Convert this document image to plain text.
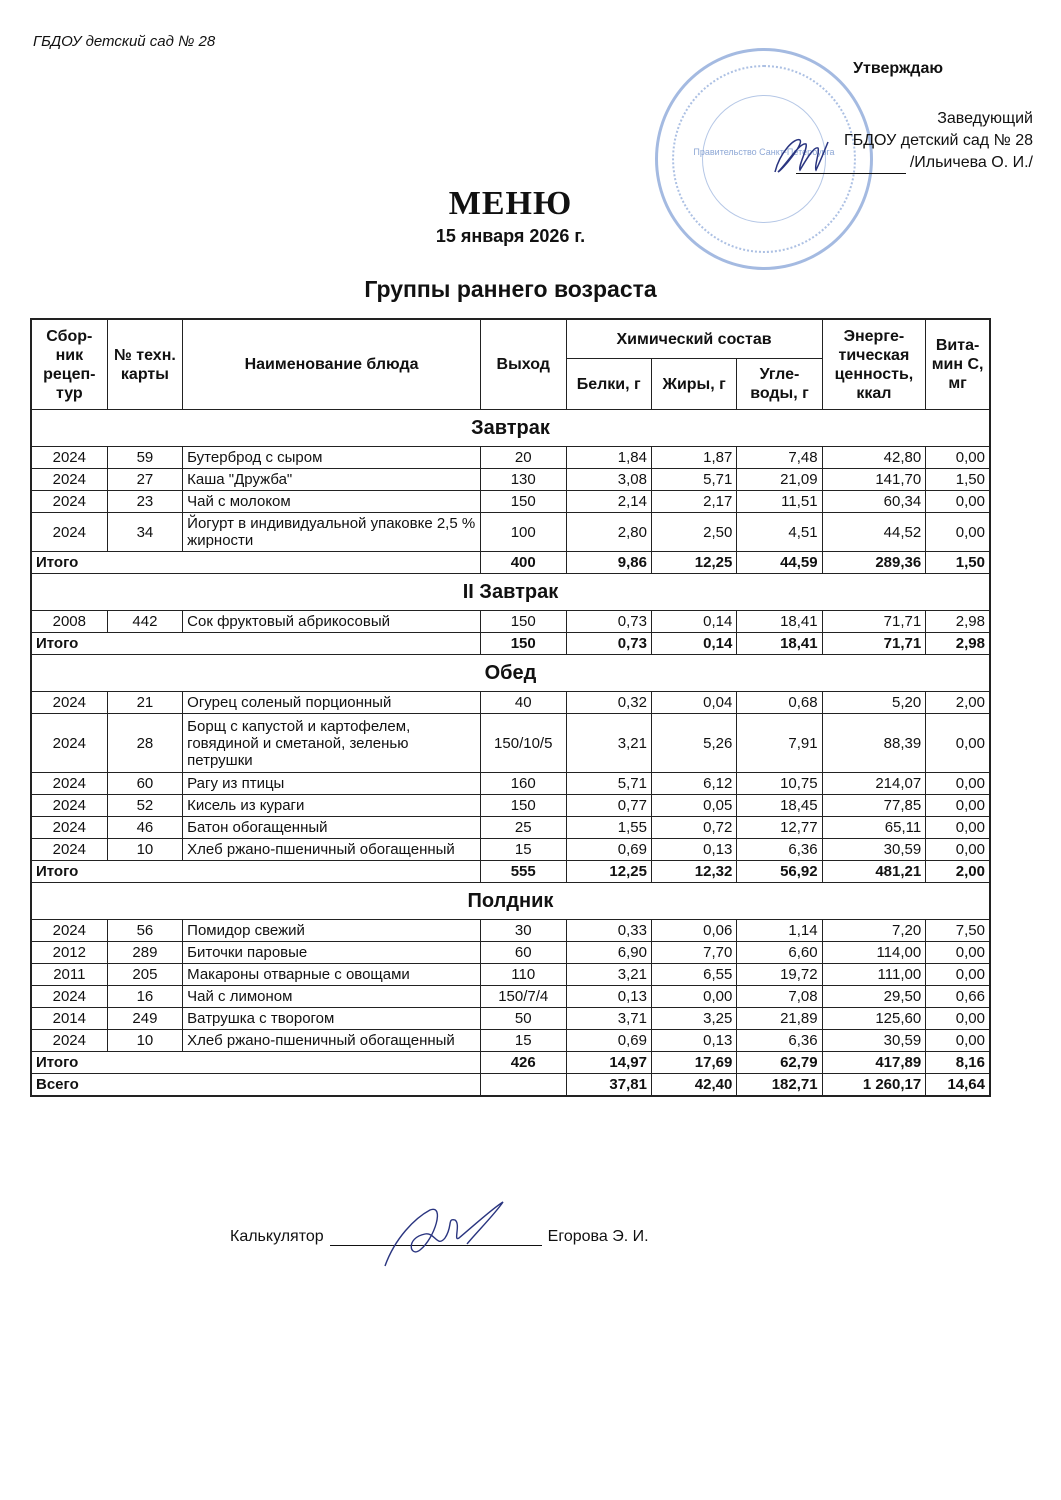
ГБДОУ детский сад № 28
Правительство Санкт-Петербурга
Утверждаю
Заведующий
ГБДОУ детский сад № 28
/Ильичева О. И./
МЕНЮ
15 января 2026 г.
Группы раннего возраста
Сбор-ник рецеп-тур	№ техн. карты	Наименование блюда	Выход	Химический состав			Энерге-тическая ценность, ккал	Вита-мин С, мг
				Белки, г	Жиры, г	Угле-воды, г		
Завтрак								
2024	59	Бутерброд с сыром	20	1,84	1,87	7,48	42,80	0,00
2024	27	Каша "Дружба"	130	3,08	5,71	21,09	141,70	1,50
2024	23	Чай с молоком	150	2,14	2,17	11,51	60,34	0,00
2024	34	Йогурт в индивидуальной упаковке 2,5 % жирности	100	2,80	2,50	4,51	44,52	0,00
Итого			400	9,86	12,25	44,59	289,36	1,50
II Завтрак								
2008	442	Сок фруктовый абрикосовый	150	0,73	0,14	18,41	71,71	2,98
Итого			150	0,73	0,14	18,41	71,71	2,98
Обед								
2024	21	Огурец соленый порционный	40	0,32	0,04	0,68	5,20	2,00
2024	28	Борщ с капустой и картофелем, говядиной и сметаной, зеленью петрушки	150/10/5	3,21	5,26	7,91	88,39	0,00
2024	60	Рагу из птицы	160	5,71	6,12	10,75	214,07	0,00
2024	52	Кисель из кураги	150	0,77	0,05	18,45	77,85	0,00
2024	46	Батон обогащенный	25	1,55	0,72	12,77	65,11	0,00
2024	10	Хлеб ржано-пшеничный обогащенный	15	0,69	0,13	6,36	30,59	0,00
Итого			555	12,25	12,32	56,92	481,21	2,00
Полдник								
2024	56	Помидор свежий	30	0,33	0,06	1,14	7,20	7,50
2012	289	Биточки паровые	60	6,90	7,70	6,60	114,00	0,00
2011	205	Макароны отварные с овощами	110	3,21	6,55	19,72	111,00	0,00
2024	16	Чай с лимоном	150/7/4	0,13	0,00	7,08	29,50	0,66
2014	249	Ватрушка с творогом	50	3,71	3,25	21,89	125,60	0,00
2024	10	Хлеб ржано-пшеничный обогащенный	15	0,69	0,13	6,36	30,59	0,00
Итого			426	14,97	17,69	62,79	417,89	8,16
Всего				37,81	42,40	182,71	1 260,17	14,64
Калькулятор	Егорова Э. И.
